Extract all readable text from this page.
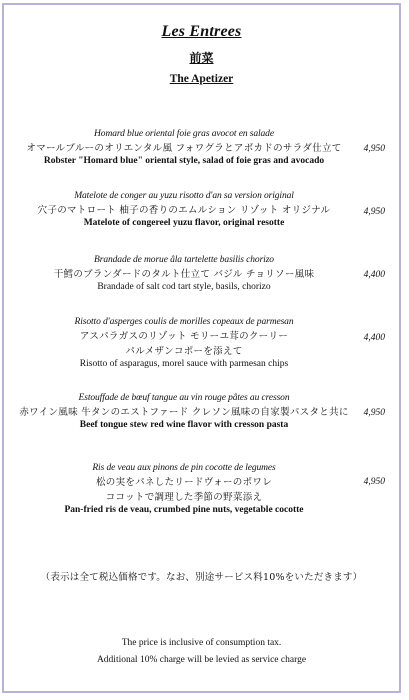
Les Entrees
前菜
The Apetizer
Homard blue oriental foie gras avocot en salade
オマールブルーのオリエンタル風 フォワグラとアボカドのサラダ仕立て
Robster "Homard blue" oriental style, salad of foie gras and avocado
4,950
Matelote de conger au yuzu risotto d'an sa version original
穴子のマトロート 柚子の香りのエムルション リゾット オリジナル
Matelote of congereel yuzu flavor, original resotte
4,950
Brandade de morue âla tartelette basilis chorizo
干鱈のブランダードのタルト仕立て バジル チョリソー風味
Brandade of salt cod tart style, basils, chorizo
4,400
Risotto d'asperges coulis de morilles copeaux de parmesan
アスパラガスのリゾット モリーユ茸のクーリー
パルメザンコポーを添えて
Risotto of asparagus, morel sauce with parmesan chips
4,400
Estouffade de bœuf tangue au vin rouge pâtes au cresson
赤ワイン風味 牛タンのエストファード クレソン風味の自家製パスタと共に
Beef tongue stew red wine flavor with cresson pasta
4,950
Ris de veau aux pinons de pin cocotte de legumes
松の実をパネしたリードヴォーのポワレ
ココットで調理した季節の野菜添え
Pan-fried ris de veau, crumbed pine nuts, vegetable cocotte
4,950
（表示は全て税込価格です。なお、別途サービス料10%をいただきます）
The price is inclusive of consumption tax.
Additional 10% charge will be levied as service charge
